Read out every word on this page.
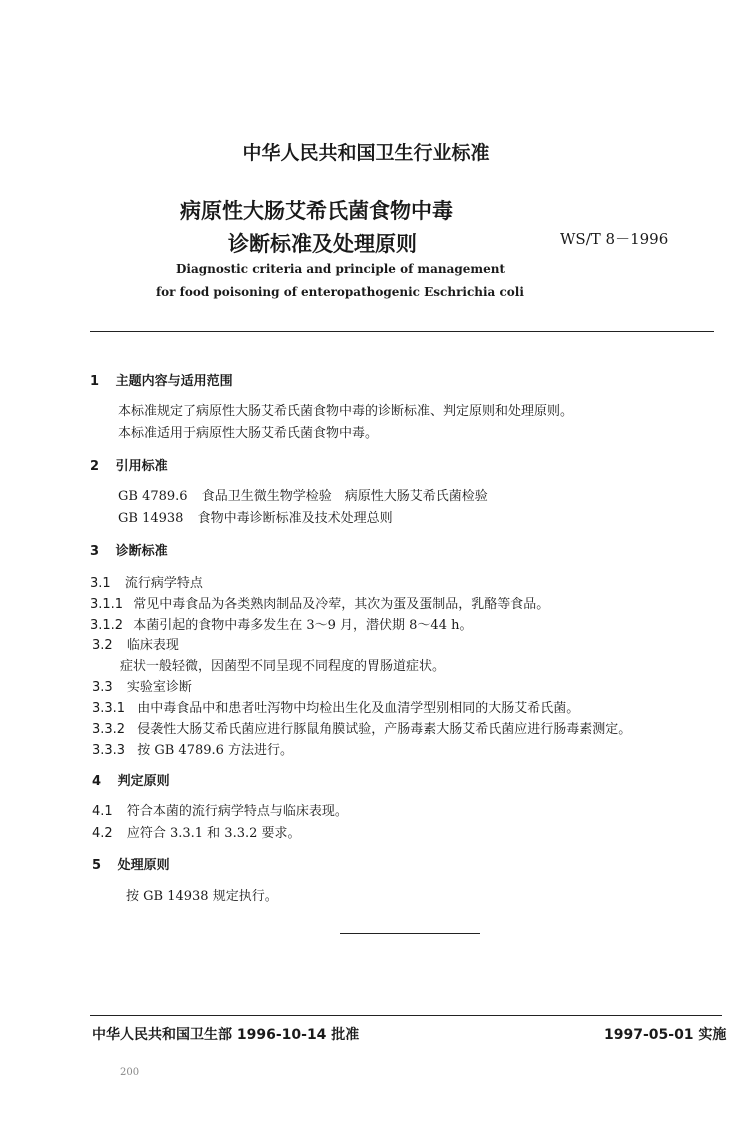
中华人民共和国卫生行业标准
病原性大肠艾希氏菌食物中毒
诊断标准及处理原则	WS/T 8－1996
Diagnostic criteria and principle of management
for food poisoning of enteropathogenic Eschrichia coli
1 主题内容与适用范围
本标准规定了病原性大肠艾希氏菌食物中毒的诊断标准、判定原则和处理原则。
本标准适用于病原性大肠艾希氏菌食物中毒。
2 引用标准
GB 4789.6 食品卫生微生物学检验　病原性大肠艾希氏菌检验
GB 14938 食物中毒诊断标准及技术处理总则
3 诊断标准
3.1 流行病学特点
3.1.1 常见中毒食品为各类熟肉制品及冷荤，其次为蛋及蛋制品，乳酪等食品。
3.1.2 本菌引起的食物中毒多发生在 3～9 月，潜伏期 8～44 h。
3.2 临床表现
症状一般轻微，因菌型不同呈现不同程度的胃肠道症状。
3.3 实验室诊断
3.3.1 由中毒食品中和患者吐泻物中均检出生化及血清学型别相同的大肠艾希氏菌。
3.3.2 侵袭性大肠艾希氏菌应进行豚鼠角膜试验，产肠毒素大肠艾希氏菌应进行肠毒素测定。
3.3.3 按 GB 4789.6 方法进行。
4 判定原则
4.1 符合本菌的流行病学特点与临床表现。
4.2 应符合 3.3.1 和 3.3.2 要求。
5 处理原则
按 GB 14938 规定执行。
中华人民共和国卫生部 1996-10-14 批准	1997-05-01 实施
200
